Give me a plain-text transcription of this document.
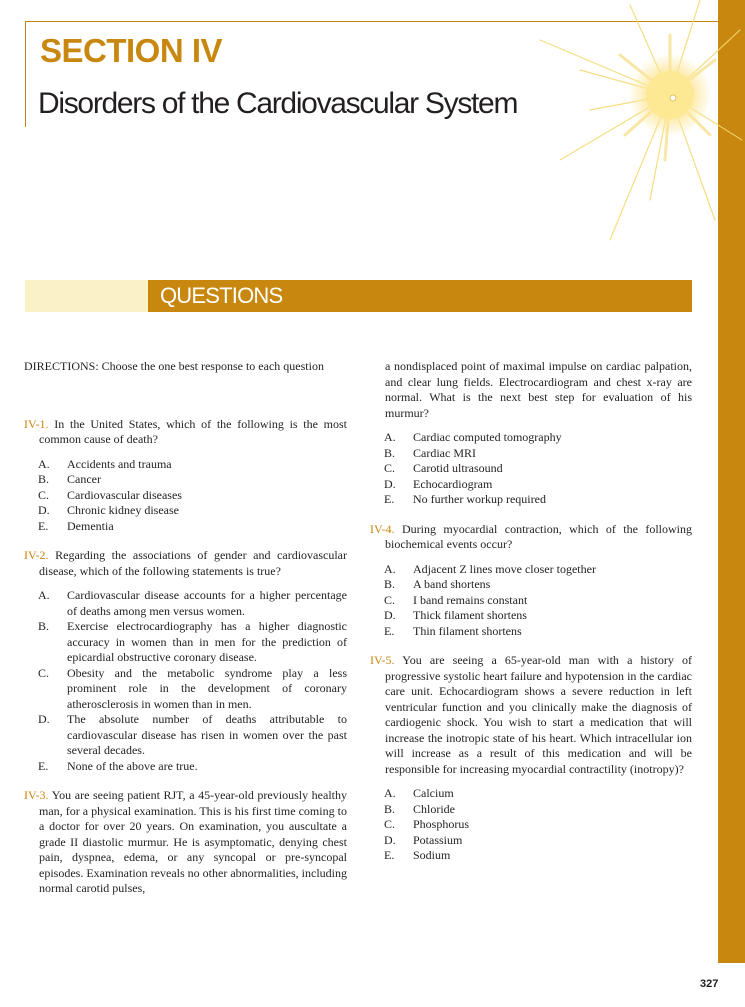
SECTION IV
Disorders of the Cardiovascular System
QUESTIONS

DIRECTIONS: Choose the one best response to each question

IV-1. In the United States, which of the following is the most common cause of death?

A. Accidents and trauma
B. Cancer
C. Cardiovascular diseases
D. Chronic kidney disease
E. Dementia

IV-2. Regarding the associations of gender and cardiovascular disease, which of the following statements is true?

A. Cardiovascular disease accounts for a higher percentage of deaths among men versus women.
B. Exercise electrocardiography has a higher diagnostic accuracy in women than in men for the prediction of epicardial obstructive coronary disease.
C. Obesity and the metabolic syndrome play a less prominent role in the development of coronary atherosclerosis in women than in men.
D. The absolute number of deaths attributable to cardiovascular disease has risen in women over the past several decades.
E. None of the above are true.

IV-3. You are seeing patient RJT, a 45-year-old previously healthy man, for a physical examination. This is his first time coming to a doctor for over 20 years. On examination, you auscultate a grade II diastolic murmur. He is asymptomatic, denying chest pain, dyspnea, edema, or any syncopal or pre-syncopal episodes. Examination reveals no other abnormalities, including normal carotid pulses,

a nondisplaced point of maximal impulse on cardiac palpation, and clear lung fields. Electrocardiogram and chest x-ray are normal. What is the next best step for evaluation of his murmur?

A. Cardiac computed tomography
B. Cardiac MRI
C. Carotid ultrasound
D. Echocardiogram
E. No further workup required

IV-4. During myocardial contraction, which of the following biochemical events occur?

A. Adjacent Z lines move closer together
B. A band shortens
C. I band remains constant
D. Thick filament shortens
E. Thin filament shortens

IV-5. You are seeing a 65-year-old man with a history of progressive systolic heart failure and hypotension in the cardiac care unit. Echocardiogram shows a severe reduction in left ventricular function and you clinically make the diagnosis of cardiogenic shock. You wish to start a medication that will increase the inotropic state of his heart. Which intracellular ion will increase as a result of this medication and will be responsible for increasing myocardial contractility (inotropy)?

A. Calcium
B. Chloride
C. Phosphorus
D. Potassium
E. Sodium

327
